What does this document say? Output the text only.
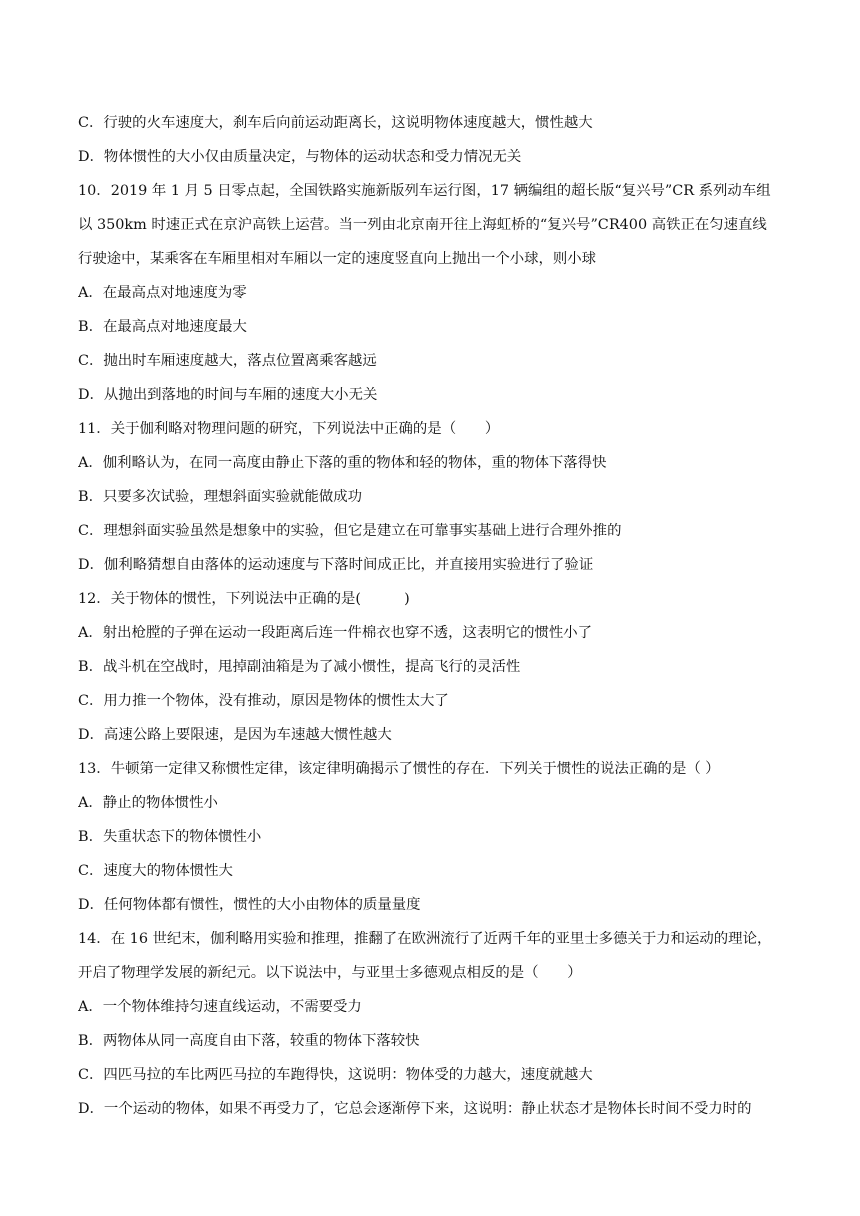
C．行驶的火车速度大，刹车后向前运动距离长，这说明物体速度越大，惯性越大
D．物体惯性的大小仅由质量决定，与物体的运动状态和受力情况无关
10．2019 年 1 月 5 日零点起，全国铁路实施新版列车运行图，17 辆编组的超长版“复兴号”CR 系列动车组
以 350km 时速正式在京沪高铁上运营。当一列由北京南开往上海虹桥的“复兴号”CR400 高铁正在匀速直线
行驶途中，某乘客在车厢里相对车厢以一定的速度竖直向上抛出一个小球，则小球
A．在最高点对地速度为零
B．在最高点对地速度最大
C．抛出时车厢速度越大，落点位置离乘客越远
D．从抛出到落地的时间与车厢的速度大小无关
11．关于伽利略对物理问题的研究，下列说法中正确的是（　　）
A．伽利略认为，在同一高度由静止下落的重的物体和轻的物体，重的物体下落得快
B．只要多次试验，理想斜面实验就能做成功
C．理想斜面实验虽然是想象中的实验，但它是建立在可靠事实基础上进行合理外推的
D．伽利略猜想自由落体的运动速度与下落时间成正比，并直接用实验进行了验证
12．关于物体的惯性，下列说法中正确的是(　　　)
A．射出枪膛的子弹在运动一段距离后连一件棉衣也穿不透，这表明它的惯性小了
B．战斗机在空战时，甩掉副油箱是为了减小惯性，提高飞行的灵活性
C．用力推一个物体，没有推动，原因是物体的惯性太大了
D．高速公路上要限速，是因为车速越大惯性越大
13．牛顿第一定律又称惯性定律，该定律明确揭示了惯性的存在．下列关于惯性的说法正确的是（ ）
A．静止的物体惯性小
B．失重状态下的物体惯性小
C．速度大的物体惯性大
D．任何物体都有惯性，惯性的大小由物体的质量量度
14．在 16 世纪末，伽利略用实验和推理，推翻了在欧洲流行了近两千年的亚里士多德关于力和运动的理论，
开启了物理学发展的新纪元。以下说法中，与亚里士多德观点相反的是（　　）
A．一个物体维持匀速直线运动，不需要受力
B．两物体从同一高度自由下落，较重的物体下落较快
C．四匹马拉的车比两匹马拉的车跑得快，这说明：物体受的力越大，速度就越大
D．一个运动的物体，如果不再受力了，它总会逐渐停下来，这说明：静止状态才是物体长时间不受力时的
